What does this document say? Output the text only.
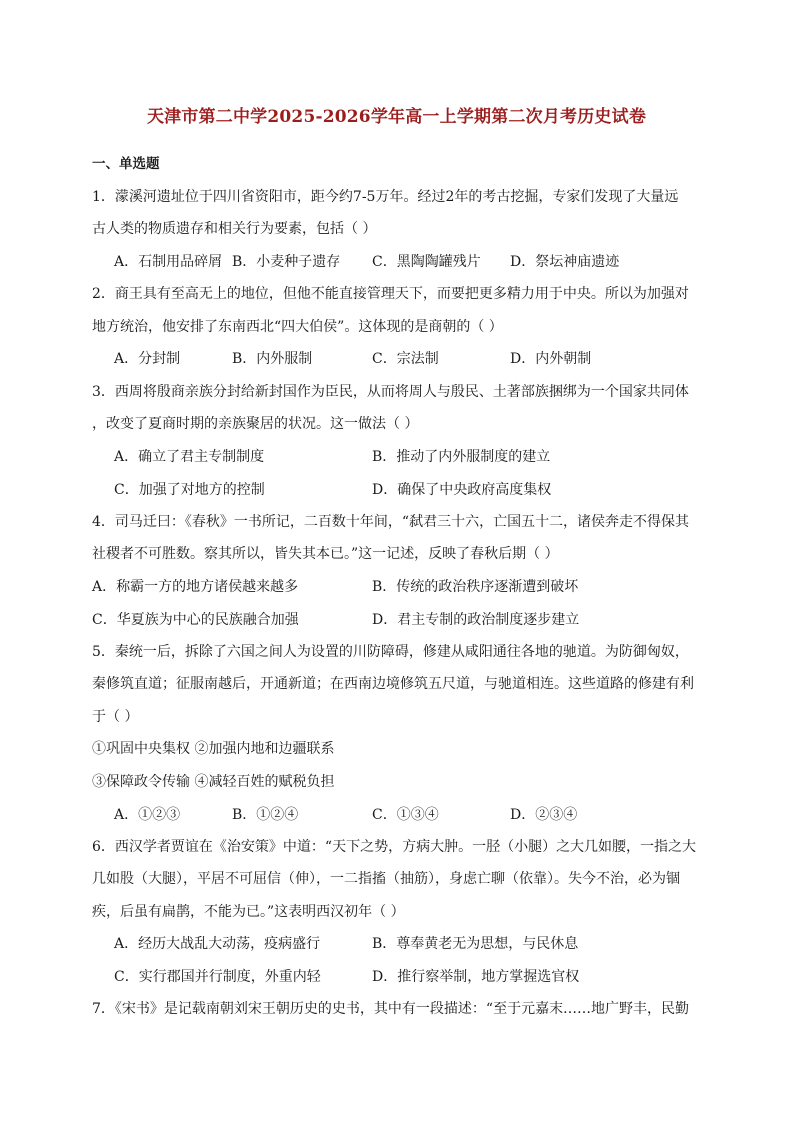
天津市第二中学2025-2026学年高一上学期第二次月考历史试卷
一、单选题
1．濛溪河遗址位于四川省资阳市，距今约7-5万年。经过2年的考古挖掘，专家们发现了大量远
古人类的物质遗存和相关行为要素，包括（ ）
A．石制用品碎屑 B．小麦种子遗存 C．黑陶陶罐残片 D．祭坛神庙遗迹
2．商王具有至高无上的地位，但他不能直接管理天下，而要把更多精力用于中央。所以为加强对
地方统治，他安排了东南西北“四大伯侯”。这体现的是商朝的（ ）
A．分封制	B．内外服制	C．宗法制	D．内外朝制
3．西周将殷商亲族分封给新封国作为臣民，从而将周人与殷民、土著部族捆绑为一个国家共同体
，改变了夏商时期的亲族聚居的状况。这一做法（ ）
A．确立了君主专制制度	B．推动了内外服制度的建立
C．加强了对地方的控制	D．确保了中央政府高度集权
4．司马迁曰：《春秋》一书所记，二百数十年间，“弑君三十六，亡国五十二，诸侯奔走不得保其
社稷者不可胜数。察其所以，皆失其本已。”这一记述，反映了春秋后期（ ）
A．称霸一方的地方诸侯越来越多	B．传统的政治秩序逐渐遭到破坏
C．华夏族为中心的民族融合加强	D．君主专制的政治制度逐步建立
5．秦统一后，拆除了六国之间人为设置的川防障碍，修建从咸阳通往各地的驰道。为防御匈奴，
秦修筑直道；征服南越后，开通新道；在西南边境修筑五尺道，与驰道相连。这些道路的修建有利
于（ ）
①巩固中央集权 ②加强内地和边疆联系
③保障政令传输 ④减轻百姓的赋税负担
A．①②③	B．①②④	C．①③④	D．②③④
6．西汉学者贾谊在《治安策》中道：“天下之势，方病大肿。一胫（小腿）之大几如腰，一指之大
几如股（大腿），平居不可屈信（伸），一二指搐（抽筋），身虑亡聊（依靠）。失今不治，必为锢
疾，后虽有扁鹊，不能为已。”这表明西汉初年（ ）
A．经历大战乱大动荡，疫病盛行	B．尊奉黄老无为思想，与民休息
C．实行郡国并行制度，外重内轻	D．推行察举制，地方掌握选官权
7．《宋书》是记载南朝刘宋王朝历史的史书，其中有一段描述：“至于元嘉末……地广野丰，民勤
